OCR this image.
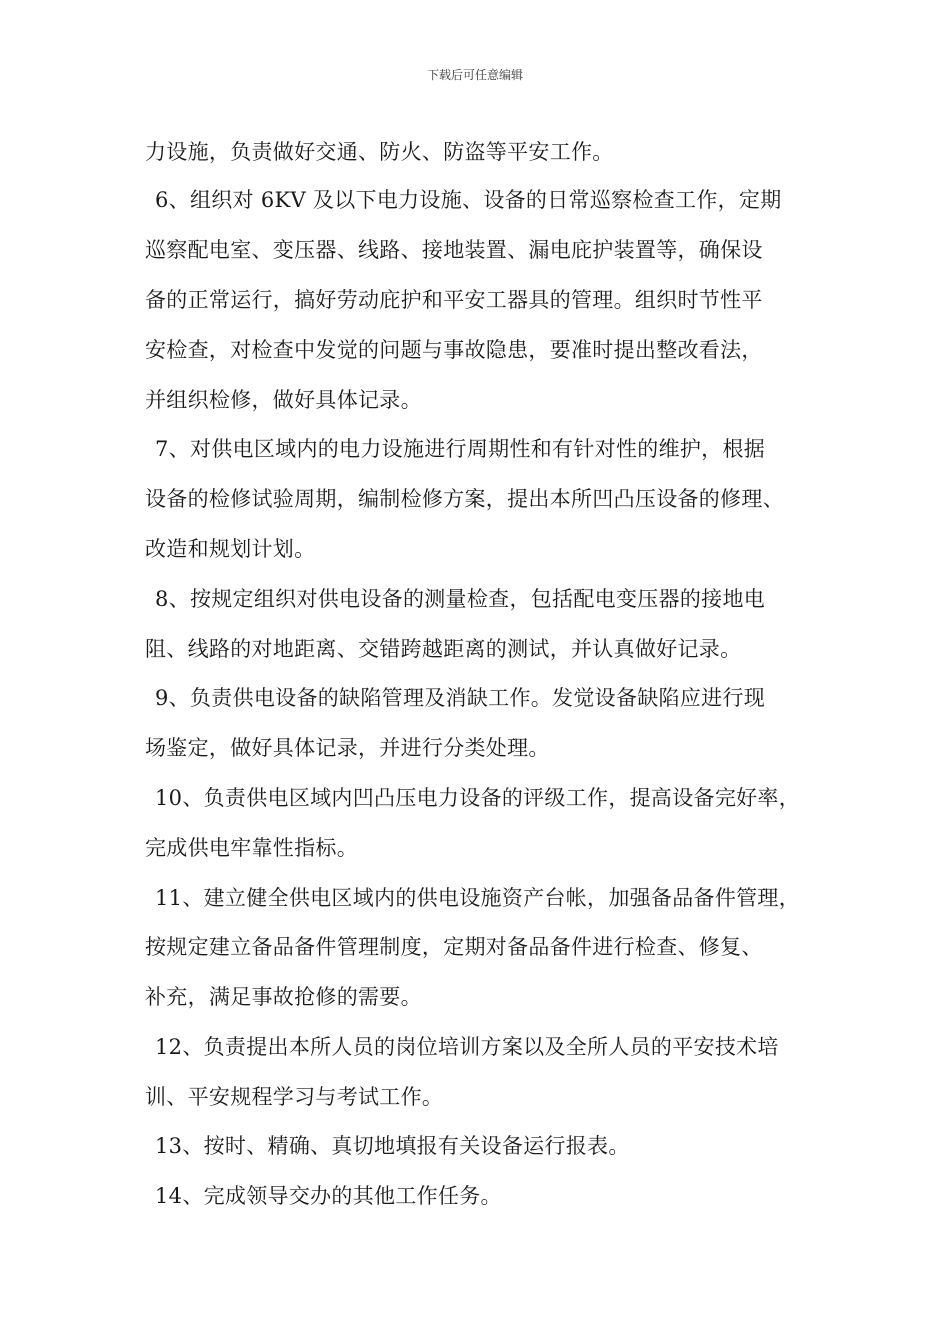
下载后可任意编辑
力设施，负责做好交通、防火、防盗等平安工作。
6、组织对 6KV 及以下电力设施、设备的日常巡察检查工作，定期
巡察配电室、变压器、线路、接地装置、漏电庇护装置等，确保设
备的正常运行，搞好劳动庇护和平安工器具的管理。组织时节性平
安检查，对检查中发觉的问题与事故隐患，要准时提出整改看法，
并组织检修，做好具体记录。
7、对供电区域内的电力设施进行周期性和有针对性的维护，根据
设备的检修试验周期，编制检修方案，提出本所凹凸压设备的修理、
改造和规划计划。
8、按规定组织对供电设备的测量检查，包括配电变压器的接地电
阻、线路的对地距离、交错跨越距离的测试，并认真做好记录。
9、负责供电设备的缺陷管理及消缺工作。发觉设备缺陷应进行现
场鉴定，做好具体记录，并进行分类处理。
10、负责供电区域内凹凸压电力设备的评级工作，提高设备完好率，
完成供电牢靠性指标。
11、建立健全供电区域内的供电设施资产台帐，加强备品备件管理，
按规定建立备品备件管理制度，定期对备品备件进行检查、修复、
补充，满足事故抢修的需要。
12、负责提出本所人员的岗位培训方案以及全所人员的平安技术培
训、平安规程学习与考试工作。
13、按时、精确、真切地填报有关设备运行报表。
14、完成领导交办的其他工作任务。
